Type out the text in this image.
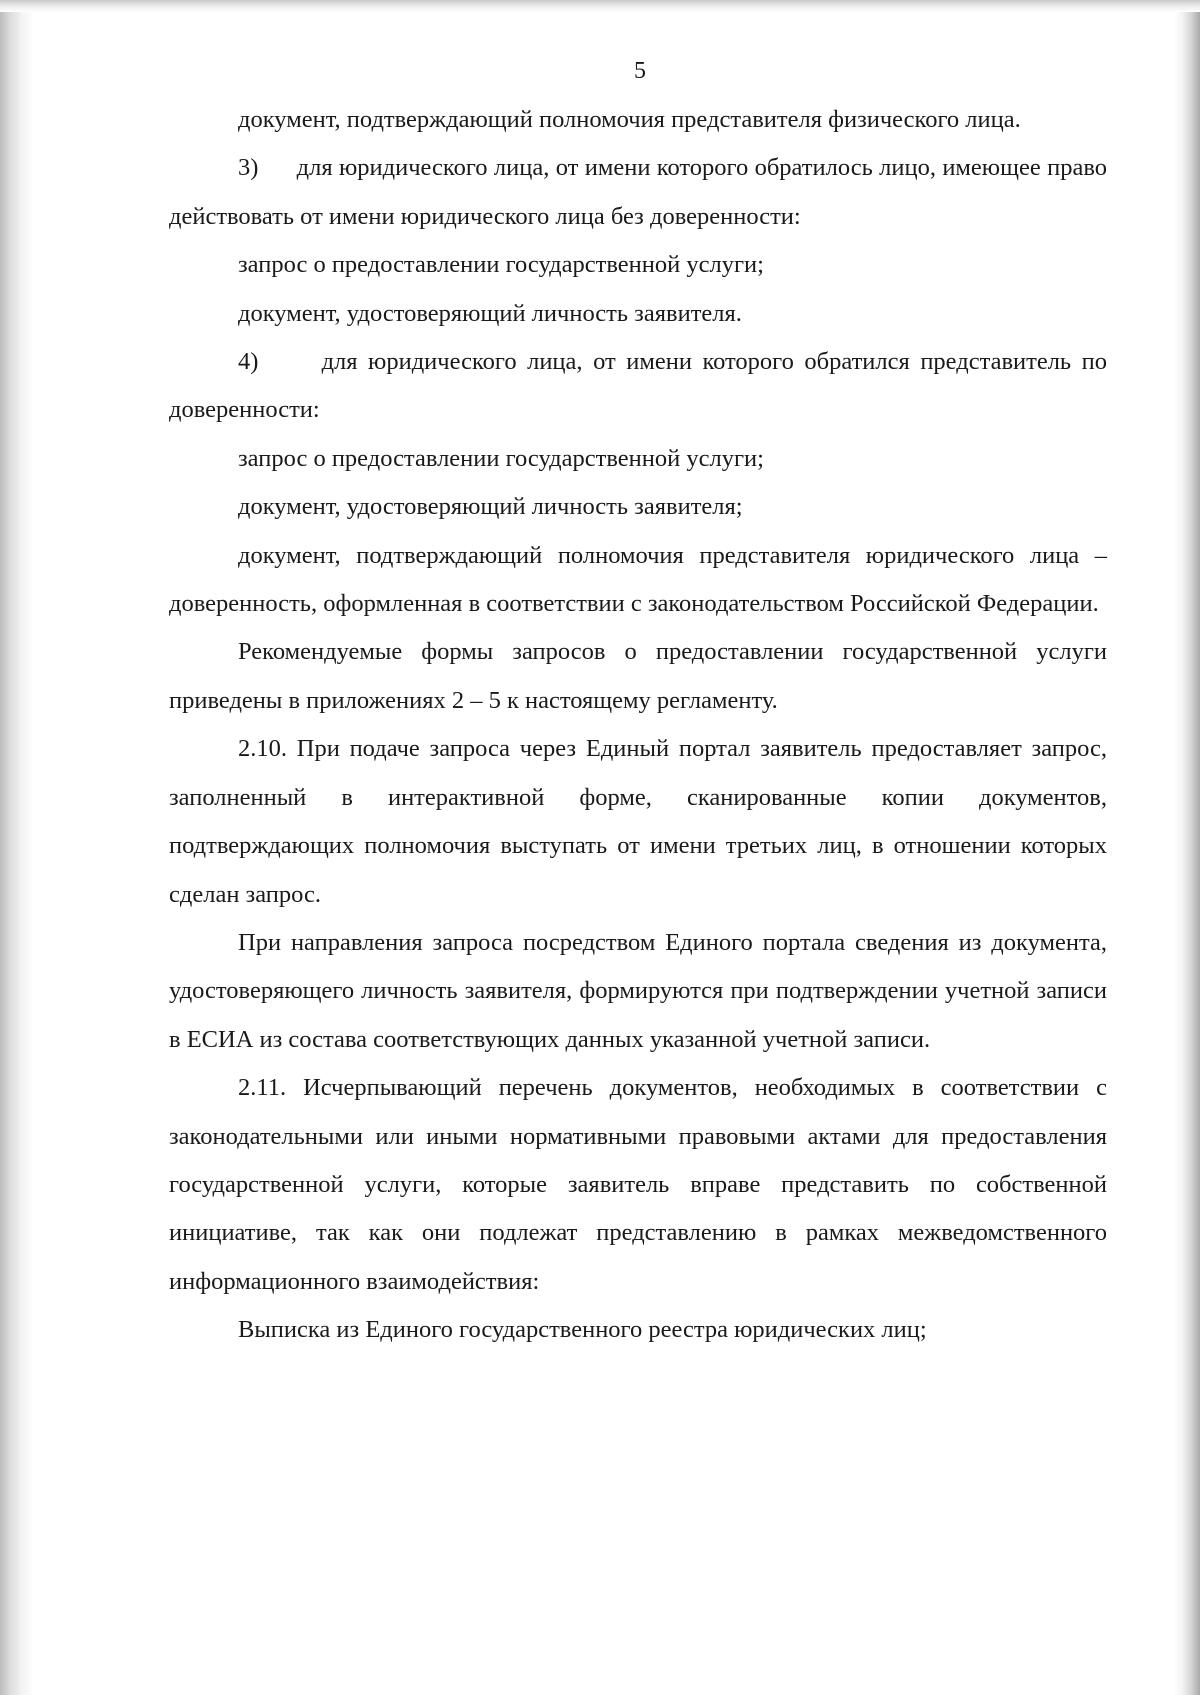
5

документ, подтверждающий полномочия представителя физического лица.

3)      для юридического лица, от имени которого обратилось лицо, имеющее право действовать от имени юридического лица без доверенности:

запрос о предоставлении государственной услуги;

документ, удостоверяющий личность заявителя.

4)      для юридического лица, от имени которого обратился представитель по доверенности:

запрос о предоставлении государственной услуги;

документ, удостоверяющий личность заявителя;

документ, подтверждающий полномочия представителя юридического лица – доверенность, оформленная в соответствии с законодательством Российской Федерации.

Рекомендуемые формы запросов о предоставлении государственной услуги приведены в приложениях 2 – 5 к настоящему регламенту.

2.10. При подаче запроса через Единый портал заявитель предоставляет запрос, заполненный в интерактивной форме, сканированные копии документов, подтверждающих полномочия выступать от имени третьих лиц, в отношении которых сделан запрос.

При направления запроса посредством Единого портала сведения из документа, удостоверяющего личность заявителя, формируются при подтверждении учетной записи в ЕСИА из состава соответствующих данных указанной учетной записи.

2.11. Исчерпывающий перечень документов, необходимых в соответствии с законодательными или иными нормативными правовыми актами для предоставления государственной услуги, которые заявитель вправе представить по собственной инициативе, так как они подлежат представлению в рамках межведомственного информационного взаимодействия:

Выписка из Единого государственного реестра юридических лиц;
